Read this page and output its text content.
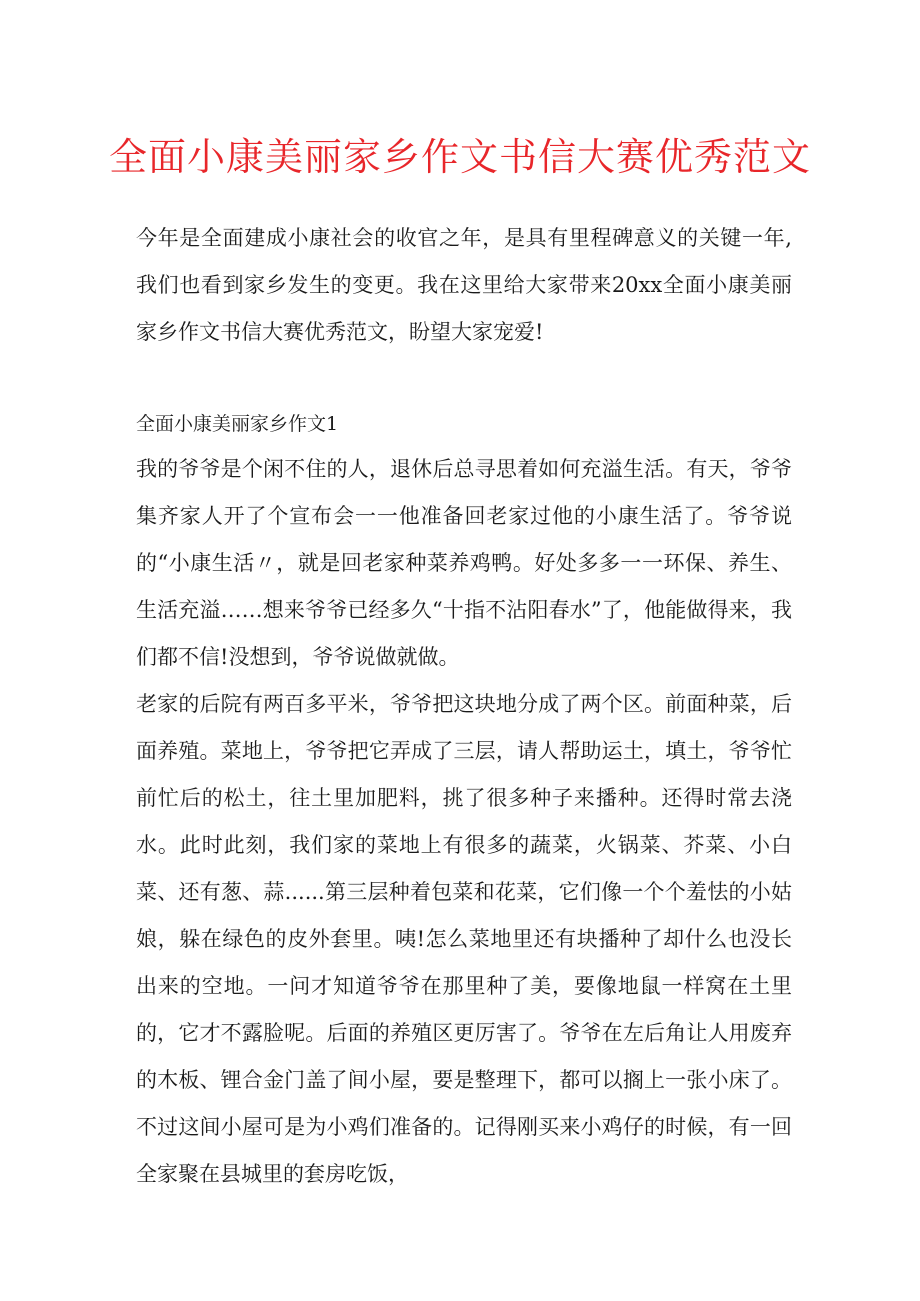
全面小康美丽家乡作文书信大赛优秀范文

今年是全面建成小康社会的收官之年，是具有里程碑意义的关键一年,我们也看到家乡发生的变更。我在这里给大家带来20xx全面小康美丽家乡作文书信大赛优秀范文，盼望大家宠爱!

全面小康美丽家乡作文1

我的爷爷是个闲不住的人，退休后总寻思着如何充溢生活。有天，爷爷集齐家人开了个宣布会一一他准备回老家过他的小康生活了。爷爷说的“小康生活〃，就是回老家种菜养鸡鸭。好处多多一一环保、养生、生活充溢……想来爷爷已经多久“十指不沾阳春水”了，他能做得来，我们都不信!没想到，爷爷说做就做。

老家的后院有两百多平米，爷爷把这块地分成了两个区。前面种菜，后面养殖。菜地上，爷爷把它弄成了三层，请人帮助运土，填土，爷爷忙前忙后的松土，往土里加肥料，挑了很多种子来播种。还得时常去浇水。此时此刻，我们家的菜地上有很多的蔬菜，火锅菜、芥菜、小白菜、还有葱、蒜......第三层种着包菜和花菜，它们像一个个羞怯的小姑娘，躲在绿色的皮外套里。咦!怎么菜地里还有块播种了却什么也没长出来的空地。一问才知道爷爷在那里种了美，要像地鼠一样窝在土里的，它才不露脸呢。后面的养殖区更厉害了。爷爷在左后角让人用废弃的木板、锂合金门盖了间小屋，要是整理下，都可以搁上一张小床了。不过这间小屋可是为小鸡们准备的。记得刚买来小鸡仔的时候，有一回全家聚在县城里的套房吃饭，
